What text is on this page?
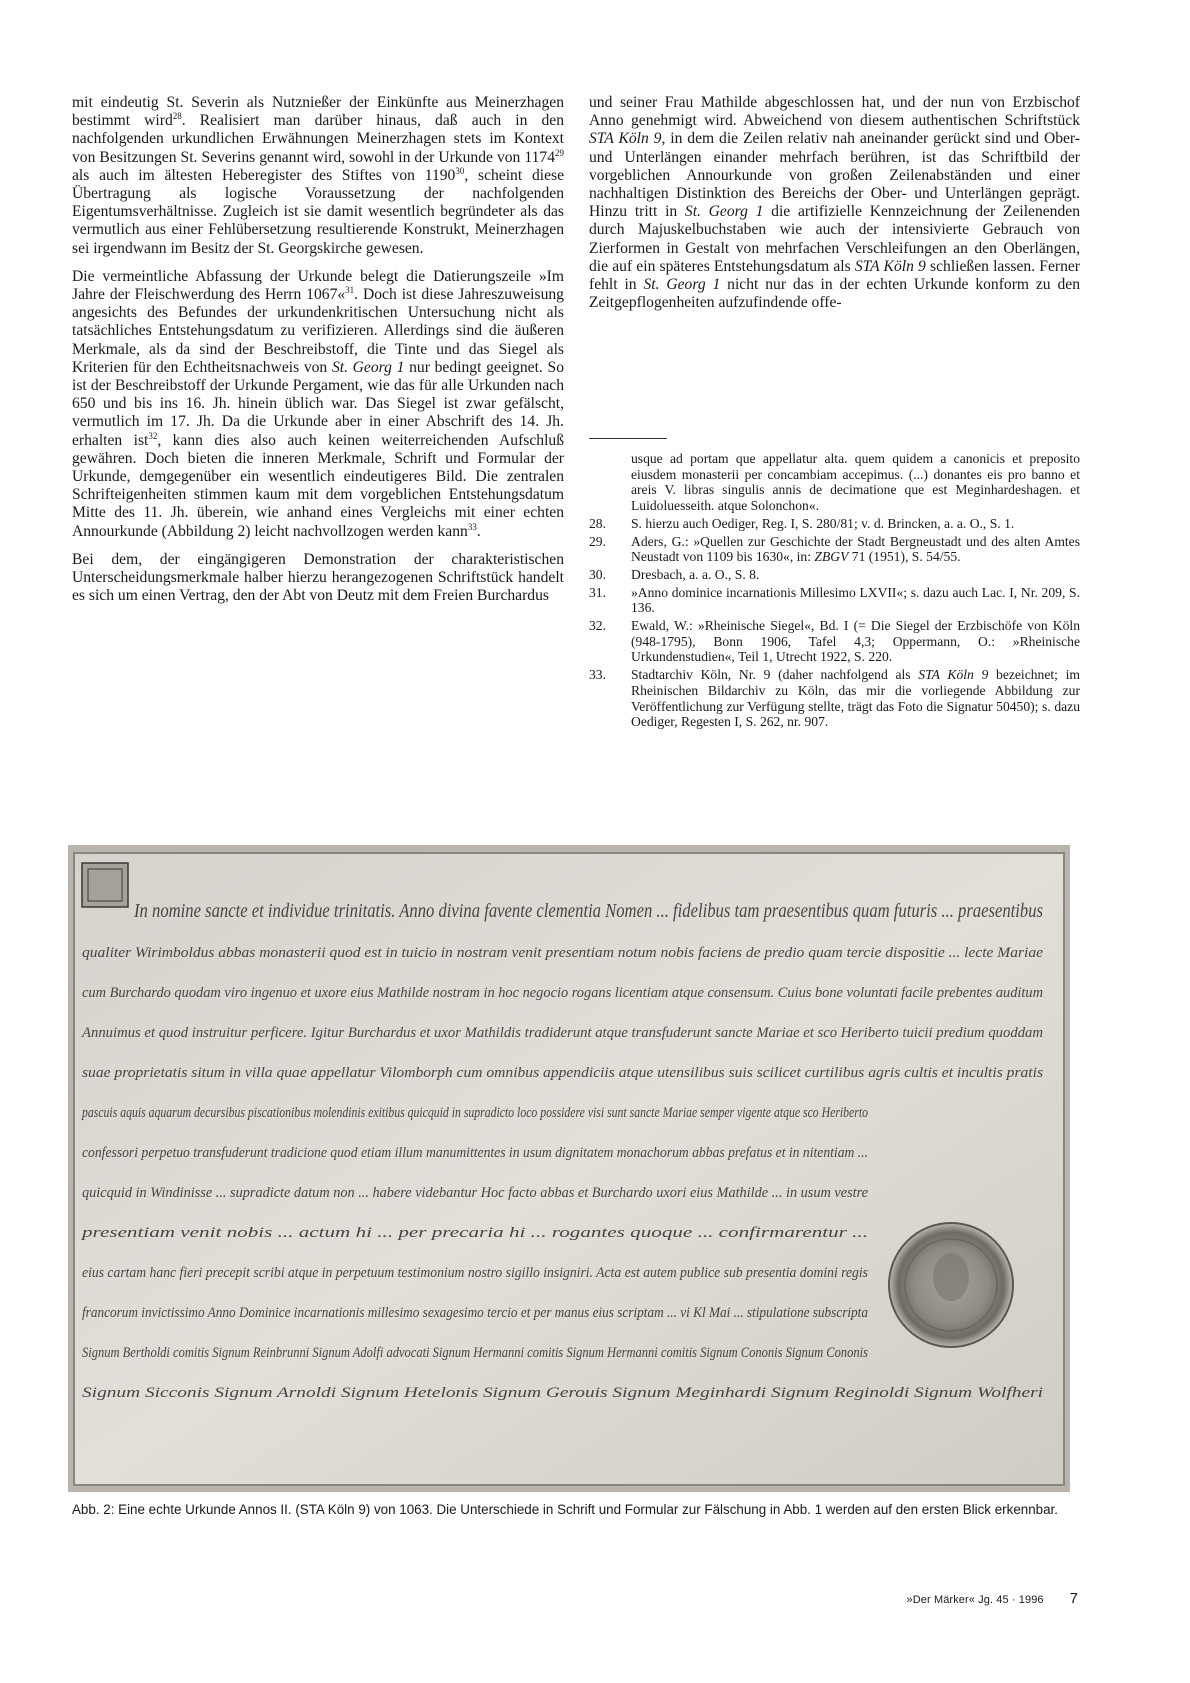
mit eindeutig St. Severin als Nutznießer der Einkünfte aus Meinerzhagen bestimmt wird$^{28}$. Realisiert man darüber hinaus, daß auch in den nachfolgenden urkundlichen Erwähnungen Meinerzhagen stets im Kontext von Besitzungen St. Severins genannt wird, sowohl in der Urkunde von 1174$^{29}$ als auch im ältesten Heberegister des Stiftes von 1190$^{30}$, scheint diese Übertragung als logische Voraussetzung der nachfolgenden Eigentumsverhältnisse. Zugleich ist sie damit wesentlich begründeter als das vermutlich aus einer Fehlübersetzung resultierende Konstrukt, Meinerzhagen sei irgendwann im Besitz der St. Georgskirche gewesen.

Die vermeintliche Abfassung der Urkunde belegt die Datierungszeile »Im Jahre der Fleischwerdung des Herrn 1067«$^{31}$. Doch ist diese Jahreszuweisung angesichts des Befundes der urkundenkritischen Untersuchung nicht als tatsächliches Entstehungsdatum zu verifizieren. Allerdings sind die äußeren Merkmale, als da sind der Beschreibstoff, die Tinte und das Siegel als Kriterien für den Echtheitsnachweis von St. Georg 1 nur bedingt geeignet. So ist der Beschreibstoff der Urkunde Pergament, wie das für alle Urkunden nach 650 und bis ins 16. Jh. hinein üblich war. Das Siegel ist zwar gefälscht, vermutlich im 17. Jh. Da die Urkunde aber in einer Abschrift des 14. Jh. erhalten ist$^{32}$, kann dies also auch keinen weiterreichenden Aufschluß gewähren. Doch bieten die inneren Merkmale, Schrift und Formular der Urkunde, demgegenüber ein wesentlich eindeutigeres Bild. Die zentralen Schrifteigenheiten stimmen kaum mit dem vorgeblichen Entstehungsdatum Mitte des 11. Jh. überein, wie anhand eines Vergleichs mit einer echten Annourkunde (Abbildung 2) leicht nachvollzogen werden kann$^{33}$.

Bei dem, der eingängigeren Demonstration der charakteristischen Unterscheidungsmerkmale halber hierzu herangezogenen Schriftstück handelt es sich um einen Vertrag, den der Abt von Deutz mit dem Freien Burchardus

und seiner Frau Mathilde abgeschlossen hat, und der nun von Erzbischof Anno genehmigt wird. Abweichend von diesem authentischen Schriftstück STA Köln 9, in dem die Zeilen relativ nah aneinander gerückt sind und Ober- und Unterlängen einander mehrfach berühren, ist das Schriftbild der vorgeblichen Annourkunde von großen Zeilenabständen und einer nachhaltigen Distinktion des Bereichs der Ober- und Unterlängen geprägt. Hinzu tritt in St. Georg 1 die artifizielle Kennzeichnung der Zeilenenden durch Majuskelbuchstaben wie auch der intensivierte Gebrauch von Zierformen in Gestalt von mehrfachen Verschleifungen an den Oberlängen, die auf ein späteres Entstehungsdatum als STA Köln 9 schließen lassen. Ferner fehlt in St. Georg 1 nicht nur das in der echten Urkunde konform zu den Zeitgepflogenheiten aufzufindende offe-

usque ad portam que appellatur alta. quem quidem a canonicis et preposito eiusdem monasterii per concambiam accepimus. (...) donantes eis pro banno et areis V. libras singulis annis de decimatione que est Meginhardeshagen. et Luidoluesseith. atque Solonchon«.
28.	S. hierzu auch Oediger, Reg. I, S. 280/81; v. d. Brincken, a. a. O., S. 1.
29.	Aders, G.: »Quellen zur Geschichte der Stadt Bergneustadt und des alten Amtes Neustadt von 1109 bis 1630«, in: ZBGV 71 (1951), S. 54/55.
30.	Dresbach, a. a. O., S. 8.
31.	»Anno dominice incarnationis Millesimo LXVII«; s. dazu auch Lac. I, Nr. 209, S. 136.
32.	Ewald, W.: »Rheinische Siegel«, Bd. I (= Die Siegel der Erzbischöfe von Köln (948-1795), Bonn 1906, Tafel 4,3; Oppermann, O.: »Rheinische Urkundenstudien«, Teil 1, Utrecht 1922, S. 220.
33.	Stadtarchiv Köln, Nr. 9 (daher nachfolgend als STA Köln 9 bezeichnet; im Rheinischen Bildarchiv zu Köln, das mir die vorliegende Abbildung zur Veröffentlichung zur Verfügung stellte, trägt das Foto die Signatur 50450); s. dazu Oediger, Regesten I, S. 262, nr. 907.
In nomine sancte et individue trinitatis. Anno divina favente clementia Nomen ... fidelibus tam praesentibus quam futuris ... praesentibus
qualiter Wirimboldus abbas monasterii quod est in tuicio in nostram venit presentiam notum nobis faciens de predio quam tercie dispositie ... lecte Mariae
cum Burchardo quodam viro ingenuo et uxore eius Mathilde nostram in hoc negocio rogans licentiam atque consensum. Cuius bone voluntati facile prebentes auditum
Annuimus et quod instruitur perficere. Igitur Burchardus et uxor Mathildis tradiderunt atque transfuderunt sancte Mariae et sco Heriberto tuicii predium quoddam
suae proprietatis situm in villa quae appellatur Vilomborph cum omnibus appendiciis atque utensilibus suis scilicet curtilibus agris cultis et incultis pratis
pascuis aquis aquarum decursibus piscationibus molendinis exitibus quicquid in supradicto loco possidere visi sunt sancte Mariae semper vigente atque sco Heriberto
confessori perpetuo transfuderunt tradicione quod etiam illum manumittentes in usum dignitatem monachorum abbas prefatus et in nitentiam ...
quicquid in Windinisse ... supradicte datum non ... habere videbantur Hoc facto abbas et Burchardo uxori eius Mathilde ... in usum vestre
presentiam venit nobis ... actum hi ... per precaria hi ... rogantes quoque ... confirmarentur ...
eius cartam hanc fieri precepit scribi atque in perpetuum testimonium nostro sigillo insigniri. Acta est autem publice sub presentia domini regis
francorum invictissimo Anno Dominice incarnationis millesimo sexagesimo tercio et per manus eius scriptam ... vi Kl Mai ... stipulatione subscripta
Signum Bertholdi comitis Signum Reinbrunni Signum Adolfi advocati Signum Hermanni comitis Signum Hermanni comitis Signum Cononis Signum Cononis
Signum Sicconis Signum Arnoldi Signum Hetelonis Signum Gerouis Signum Meginhardi Signum Reginoldi Signum Wolfheri
Abb. 2: Eine echte Urkunde Annos II. (STA Köln 9) von 1063. Die Unterschiede in Schrift und Formular zur Fälschung in Abb. 1 werden auf den ersten Blick erkennbar.
»Der Märker« Jg. 45 · 1996 7
